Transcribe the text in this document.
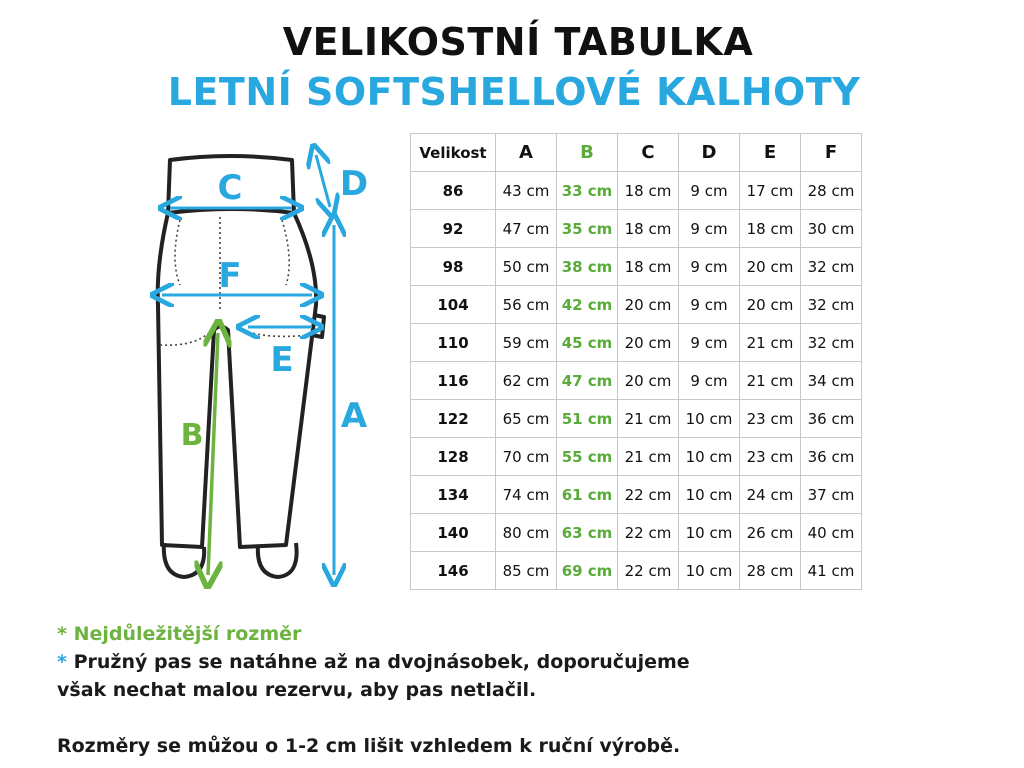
VELIKOSTNÍ TABULKA
LETNÍ SOFTSHELLOVÉ KALHOTY
C	D
F
E
A
B
Velikost	A	B	C	D	E	F
86	43 cm	33 cm	18 cm	9 cm	17 cm	28 cm
92	47 cm	35 cm	18 cm	9 cm	18 cm	30 cm
98	50 cm	38 cm	18 cm	9 cm	20 cm	32 cm
104	56 cm	42 cm	20 cm	9 cm	20 cm	32 cm
110	59 cm	45 cm	20 cm	9 cm	21 cm	32 cm
116	62 cm	47 cm	20 cm	9 cm	21 cm	34 cm
122	65 cm	51 cm	21 cm	10 cm	23 cm	36 cm
128	70 cm	55 cm	21 cm	10 cm	23 cm	36 cm
134	74 cm	61 cm	22 cm	10 cm	24 cm	37 cm
140	80 cm	63 cm	22 cm	10 cm	26 cm	40 cm
146	85 cm	69 cm	22 cm	10 cm	28 cm	41 cm
* Nejdůležitější rozměr
* Pružný pas se natáhne až na dvojnásobek, doporučujeme
však nechat malou rezervu, aby pas netlačil.
Rozměry se můžou o 1-2 cm lišit vzhledem k ruční výrobě.
